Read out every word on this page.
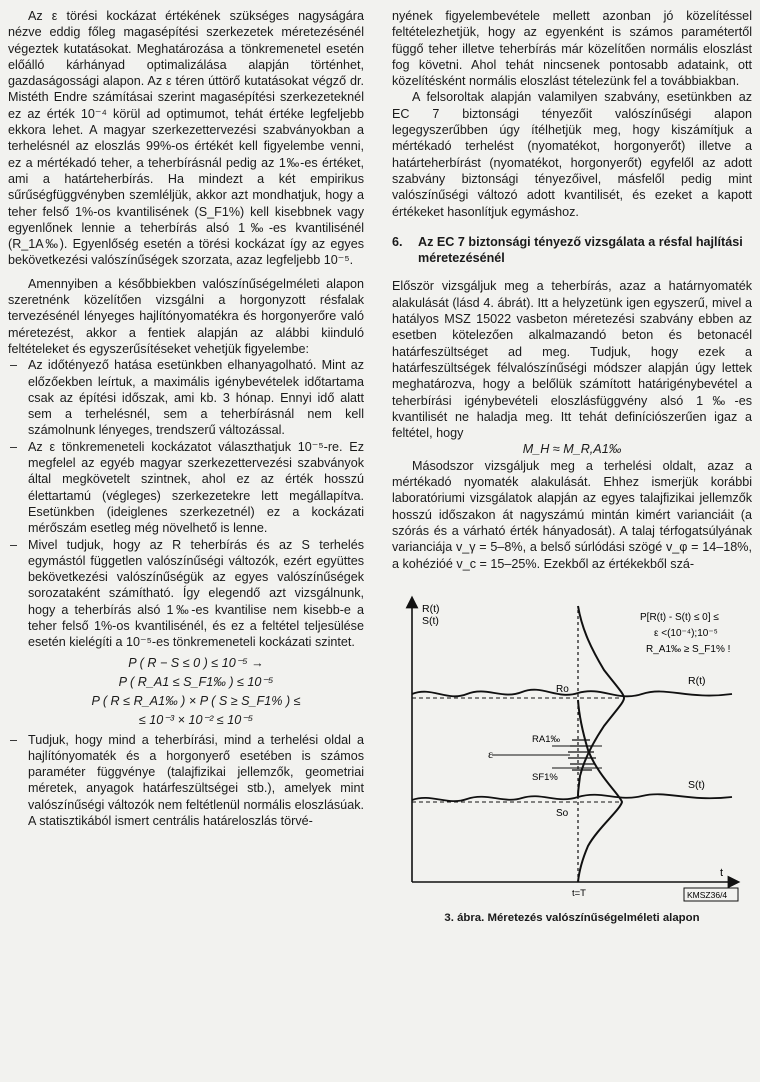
Az ε törési kockázat értékének szükséges nagyságára nézve eddig főleg magasépítési szerkezetek méretezésénél végeztek kutatásokat. Meghatározása a tönkremenetel esetén előálló kárhányad optimalizálása alapján történhet, gazdaságossági alapon. Az ε téren úttörő kutatásokat végző dr. Mistéth Endre számításai szerint magasépítési szerkezeteknél ez az érték 10⁻⁴ körül ad optimumot, tehát értéke legfeljebb ekkora lehet. A magyar szerkezettervezési szabványokban a terhelésnél az eloszlás 99%-os értékét kell figyelembe venni, ez a mértékadó teher, a teherbírásnál pedig az 1‰-es értéket, ami a határteherbírás. Ha mindezt a két empirikus sűrűségfüggvényben szemléljük, akkor azt mondhatjuk, hogy a teher felső 1%-os kvantilisének (S_F1%) kell kisebbnek vagy egyenlőnek lennie a teherbírás alsó 1‰-es kvantilisénél (R_1A‰). Egyenlőség esetén a törési kockázat így az egyes bekövetkezési valószínűségek szorzata, azaz legfeljebb 10⁻⁵.

Amennyiben a későbbiekben valószínűségelméleti alapon szeretnénk közelítően vizsgálni a horgonyzott résfalak tervezésénél lényeges hajlítónyomatékra és horgonyerőre való méretezést, akkor a fentiek alapján az alábbi kiinduló feltételeket és egyszerűsítéseket vehetjük figyelembe:

– Az időtényező hatása esetünkben elhanyagolható. Mint az előzőekben leírtuk, a maximális igénybevételek időtartama csak az építési időszak, ami kb. 3 hónap. Ennyi idő alatt sem a terhelésnél, sem a teherbírásnál nem kell számolnunk lényeges, trendszerű változással.
– Az ε tönkremeneteli kockázatot választhatjuk 10⁻⁵-re. Ez megfelel az egyéb magyar szerkezettervezési szabványok által megkövetelt szintnek, ahol ez az érték hosszú élettartamú (végleges) szerkezetekre lett megállapítva. Esetünkben (ideiglenes szerkezetnél) ez a kockázati mérőszám esetleg még növelhető is lenne.
– Mivel tudjuk, hogy az R teherbírás és az S terhelés egymástól független valószínűségi változók, ezért együttes bekövetkezési valószínűségük az egyes valószínűségek sorozataként számítható. Így elegendő azt vizsgálnunk, hogy a teherbírás alsó 1‰-es kvantilise nem kisebb-e a teher felső 1%-os kvantilisénél, és ez a feltétel teljesülése esetén kielégíti a 10⁻⁵-es tönkremeneteli kockázati szintet.
P ( R − S ≤ 0 ) ≤ 10⁻⁵ →
P ( R_A1 ≤ S_F1‰ ) ≤ 10⁻⁵
P ( R ≤ R_A1‰ ) × P ( S ≥ S_F1% ) ≤
≤ 10⁻³ × 10⁻² ≤ 10⁻⁵
– Tudjuk, hogy mind a teherbírási, mind a terhelési oldal a hajlítónyomaték és a horgonyerő esetében is számos paraméter függvénye (talajfizikai jellemzők, geometriai méretek, anyagok határfeszültségei stb.), amelyek mint valószínűségi változók nem feltétlenül normális eloszlásúak. A statisztikából ismert centrális határeloszlás törvé-

nyének figyelembevétele mellett azonban jó közelítéssel feltételezhetjük, hogy az egyenként is számos paramétertől függő teher illetve teherbírás már közelítően normális eloszlást fog követni. Ahol tehát nincsenek pontosabb adataink, ott közelítésként normális eloszlást tételezünk fel a továbbiakban.

A felsoroltak alapján valamilyen szabvány, esetünkben az EC 7 biztonsági tényezőit valószínűségi alapon legegyszerűbben úgy ítélhetjük meg, hogy kiszámítjuk a mértékadó terhelést (nyomatékot, horgonyerőt) illetve a határteherbírást (nyomatékot, horgonyerőt) egyfelől az adott szabvány biztonsági tényezőivel, másfelől pedig mint valószínűségi változó adott kvantilisét, és ezeket a kapott értékeket hasonlítjuk egymáshoz.

6.	Az EC 7 biztonsági tényező vizsgálata a résfal hajlítási méretezésénél

Először vizsgáljuk meg a teherbírás, azaz a határnyomaték alakulását (lásd 4. ábrát). Itt a helyzetünk igen egyszerű, mivel a hatályos MSZ 15022 vasbeton méretezési szabvány ebben az esetben kötelezően alkalmazandó beton és betonacél határfeszültséget ad meg. Tudjuk, hogy ezek a határfeszültségek félvalószínűségi módszer alapján úgy lettek meghatározva, hogy a belőlük számított határigénybevétel a teherbírási igénybevételi eloszlásfüggvény alsó 1‰-es kvantilisét ne haladja meg. Itt tehát definíciószerűen igaz a feltétel, hogy

M_H ≈ M_R,A1‰

Másodszor vizsgáljuk meg a terhelési oldalt, azaz a mértékadó nyomaték alakulását. Ehhez ismerjük korábbi laboratóriumi vizsgálatok alapján az egyes talajfizikai jellemzők hosszú időszakon át nagyszámú mintán kimért varianciáit (a szórás és a várható érték hányadosát). A talaj térfogatsúlyának varianciája v_γ = 5–8%, a belső súrlódási szögé v_φ = 14–18%, a kohézióé v_c = 15–25%. Ezekből az értékekből szá-

R(t)
S(t)	P[R(t) - S(t) ≤ 0] ≤
ε <(10⁻⁴);10⁻⁵
R_A1‰ ≥ S_F1% !
Ro
R(t)
RA1‰
ε
SF1%
S(t)
So
t
t=T	KMSZ36/4
3. ábra. Méretezés valószínűségelméleti alapon
